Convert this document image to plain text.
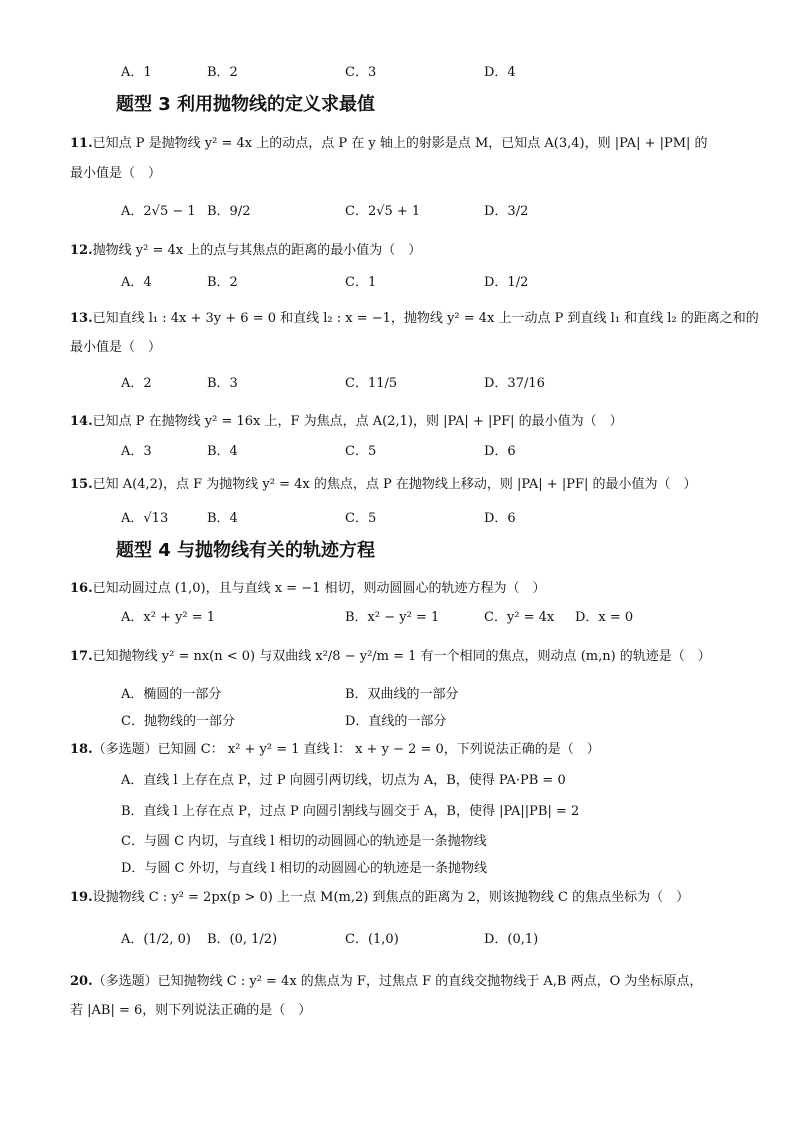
A．1	B．2	C．3	D．4
题型 3 利用抛物线的定义求最值
11.已知点 P 是抛物线 y² = 4x 上的动点，点 P 在 y 轴上的射影是点 M，已知点 A(3,4)，则 |PA| + |PM| 的
最小值是（　）
A．2√5 − 1 B．9/2	C．2√5 + 1	D．3/2
12.抛物线 y² = 4x 上的点与其焦点的距离的最小值为（　）
A．4	B．2	C．1	D．1/2
13.已知直线 l₁ : 4x + 3y + 6 = 0 和直线 l₂ : x = −1，抛物线 y² = 4x 上一动点 P 到直线 l₁ 和直线 l₂ 的距离之和的
最小值是（　）
A．2	B．3	C．11/5	D．37/16
14.已知点 P 在抛物线 y² = 16x 上，F 为焦点，点 A(2,1)，则 |PA| + |PF| 的最小值为（　）
A．3	B．4	C．5	D．6
15.已知 A(4,2)，点 F 为抛物线 y² = 4x 的焦点，点 P 在抛物线上移动，则 |PA| + |PF| 的最小值为（　）
A．√13	B．4	C．5	D．6
题型 4 与抛物线有关的轨迹方程
16.已知动圆过点 (1,0)，且与直线 x = −1 相切，则动圆圆心的轨迹方程为（　）
A．x² + y² = 1	B．x² − y² = 1	C．y² = 4x D．x = 0
17.已知抛物线 y² = nx(n < 0) 与双曲线 x²/8 − y²/m = 1 有一个相同的焦点，则动点 (m,n) 的轨迹是（　）
A．椭圆的一部分	B．双曲线的一部分
C．抛物线的一部分	D．直线的一部分
18.（多选题）已知圆 C： x² + y² = 1 直线 l： x + y − 2 = 0，下列说法正确的是（　）
A．直线 l 上存在点 P，过 P 向圆引两切线，切点为 A，B，使得 PA·PB = 0
B．直线 l 上存在点 P，过点 P 向圆引割线与圆交于 A，B，使得 |PA||PB| = 2
C．与圆 C 内切，与直线 l 相切的动圆圆心的轨迹是一条抛物线
D．与圆 C 外切，与直线 l 相切的动圆圆心的轨迹是一条抛物线
19.设抛物线 C : y² = 2px(p > 0) 上一点 M(m,2) 到焦点的距离为 2，则该抛物线 C 的焦点坐标为（　）
A．(1/2, 0) B．(0, 1/2)	C．(1,0)	D．(0,1)
20.（多选题）已知抛物线 C : y² = 4x 的焦点为 F，过焦点 F 的直线交抛物线于 A,B 两点，O 为坐标原点，
若 |AB| = 6，则下列说法正确的是（　）
